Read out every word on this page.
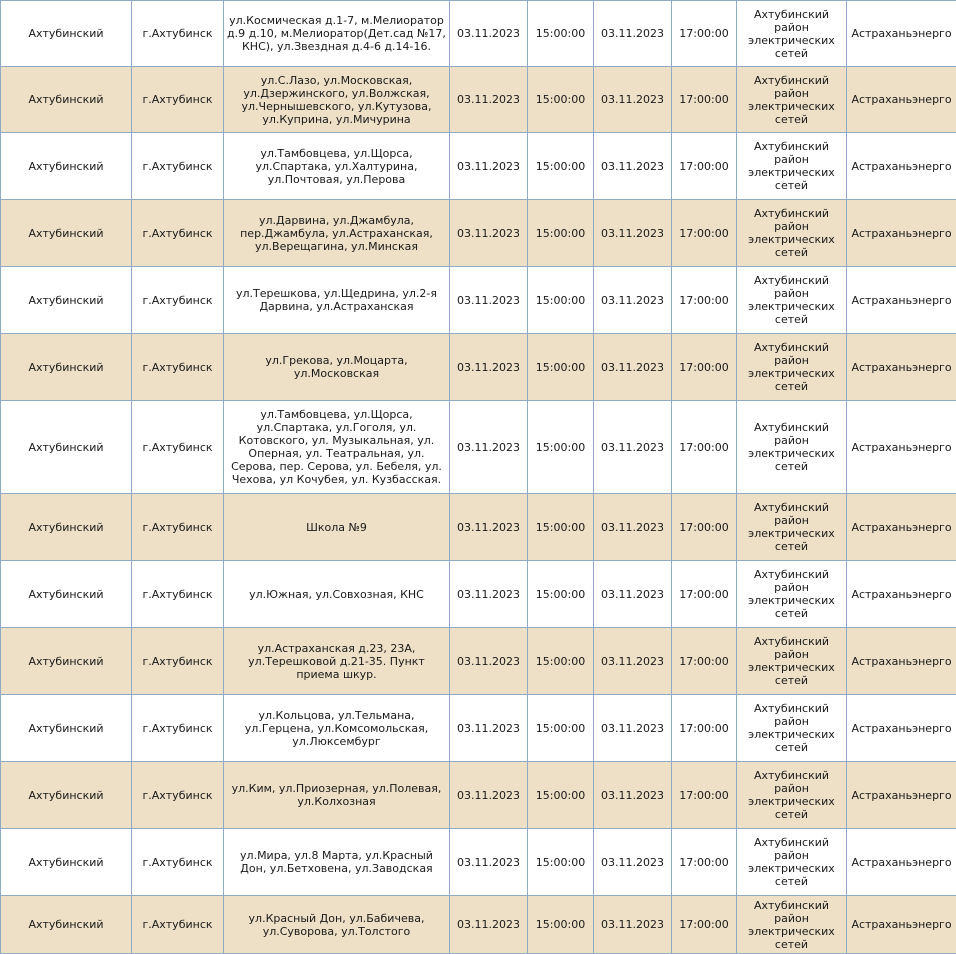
Ахтубинский	г.Ахтубинск	ул.Космическая д.1-7, м.Мелиоратор д.9 д.10, м.Мелиоратор(Дет.сад №17, КНС), ул.Звездная д.4-6 д.14-16.	03.11.2023	15:00:00	03.11.2023	17:00:00	Ахтубинский район электрических сетей	Астраханьэнерго
Ахтубинский	г.Ахтубинск	ул.С.Лазо, ул.Московская, ул.Дзержинского, ул.Волжская, ул.Чернышевского, ул.Кутузова, ул.Куприна, ул.Мичурина	03.11.2023	15:00:00	03.11.2023	17:00:00	Ахтубинский район электрических сетей	Астраханьэнерго
Ахтубинский	г.Ахтубинск	ул.Тамбовцева, ул.Щорса, ул.Спартака, ул.Халтурина, ул.Почтовая, ул.Перова	03.11.2023	15:00:00	03.11.2023	17:00:00	Ахтубинский район электрических сетей	Астраханьэнерго
Ахтубинский	г.Ахтубинск	ул.Дарвина, ул.Джамбула, пер.Джамбула, ул.Астраханская, ул.Верещагина, ул.Минская	03.11.2023	15:00:00	03.11.2023	17:00:00	Ахтубинский район электрических сетей	Астраханьэнерго
Ахтубинский	г.Ахтубинск	ул.Терешкова, ул.Щедрина, ул.2-я Дарвина, ул.Астраханская	03.11.2023	15:00:00	03.11.2023	17:00:00	Ахтубинский район электрических сетей	Астраханьэнерго
Ахтубинский	г.Ахтубинск	ул.Грекова, ул.Моцарта, ул.Московская	03.11.2023	15:00:00	03.11.2023	17:00:00	Ахтубинский район электрических сетей	Астраханьэнерго
Ахтубинский	г.Ахтубинск	ул.Тамбовцева, ул.Щорса, ул.Спартака, ул.Гоголя, ул. Котовского, ул. Музыкальная, ул. Оперная, ул. Театральная, ул. Серова, пер. Серова, ул. Бебеля, ул. Чехова, ул Кочубея, ул. Кузбасская.	03.11.2023	15:00:00	03.11.2023	17:00:00	Ахтубинский район электрических сетей	Астраханьэнерго
Ахтубинский	г.Ахтубинск	Школа №9	03.11.2023	15:00:00	03.11.2023	17:00:00	Ахтубинский район электрических сетей	Астраханьэнерго
Ахтубинский	г.Ахтубинск	ул.Южная, ул.Совхозная, КНС	03.11.2023	15:00:00	03.11.2023	17:00:00	Ахтубинский район электрических сетей	Астраханьэнерго
Ахтубинский	г.Ахтубинск	ул.Астраханская д.23, 23А, ул.Терешковой д.21-35. Пункт приема шкур.	03.11.2023	15:00:00	03.11.2023	17:00:00	Ахтубинский район электрических сетей	Астраханьэнерго
Ахтубинский	г.Ахтубинск	ул.Кольцова, ул.Тельмана, ул.Герцена, ул.Комсомольская, ул.Люксембург	03.11.2023	15:00:00	03.11.2023	17:00:00	Ахтубинский район электрических сетей	Астраханьэнерго
Ахтубинский	г.Ахтубинск	ул.Ким, ул.Приозерная, ул.Полевая, ул.Колхозная	03.11.2023	15:00:00	03.11.2023	17:00:00	Ахтубинский район электрических сетей	Астраханьэнерго
Ахтубинский	г.Ахтубинск	ул.Мира, ул.8 Марта, ул.Красный Дон, ул.Бетховена, ул.Заводская	03.11.2023	15:00:00	03.11.2023	17:00:00	Ахтубинский район электрических сетей	Астраханьэнерго
Ахтубинский	г.Ахтубинск	ул.Красный Дон, ул.Бабичева, ул.Суворова, ул.Толстого	03.11.2023	15:00:00	03.11.2023	17:00:00	Ахтубинский район электрических сетей	Астраханьэнерго
